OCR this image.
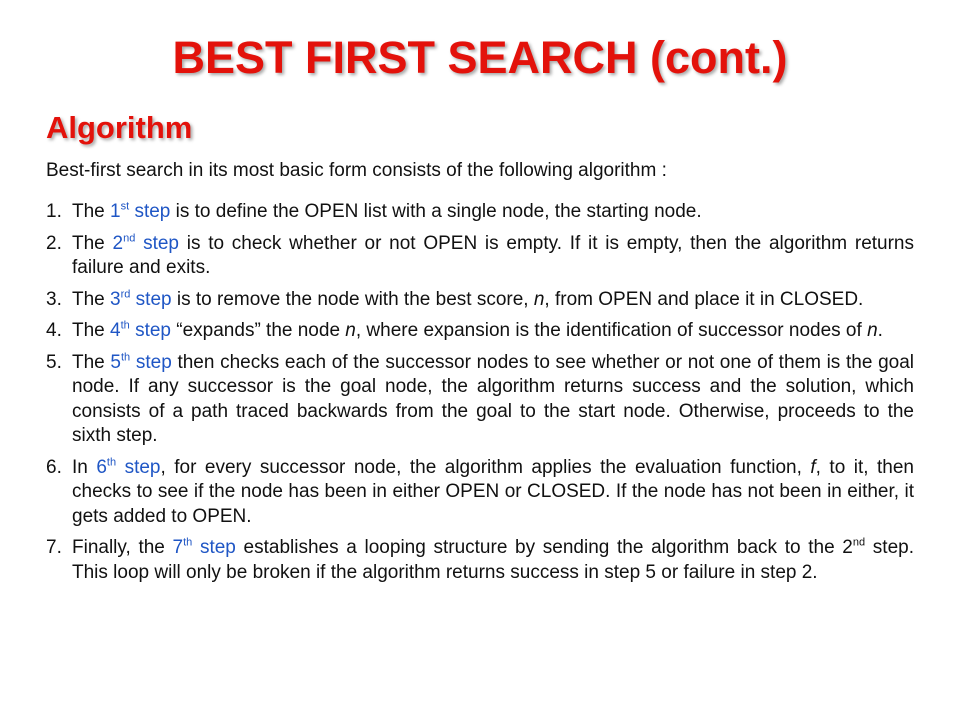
BEST FIRST SEARCH (cont.)
Algorithm
Best-first search in its most basic form consists of the following algorithm :
1. The 1st step is to define the OPEN list with a single node, the starting node.
2. The 2nd step is to check whether or not OPEN is empty. If it is empty, then the algorithm returns failure and exits.
3. The 3rd step is to remove the node with the best score, n, from OPEN and place it in CLOSED.
4. The 4th step “expands” the node n, where expansion is the identification of successor nodes of n.
5. The 5th step then checks each of the successor nodes to see whether or not one of them is the goal node. If any successor is the goal node, the algorithm returns success and the solution, which consists of a path traced backwards from the goal to the start node. Otherwise, proceeds to the sixth step.
6. In 6th step, for every successor node, the algorithm applies the evaluation function, f, to it, then checks to see if the node has been in either OPEN or CLOSED. If the node has not been in either, it gets added to OPEN.
7. Finally, the 7th step establishes a looping structure by sending the algorithm back to the 2nd step. This loop will only be broken if the algorithm returns success in step 5 or failure in step 2.
